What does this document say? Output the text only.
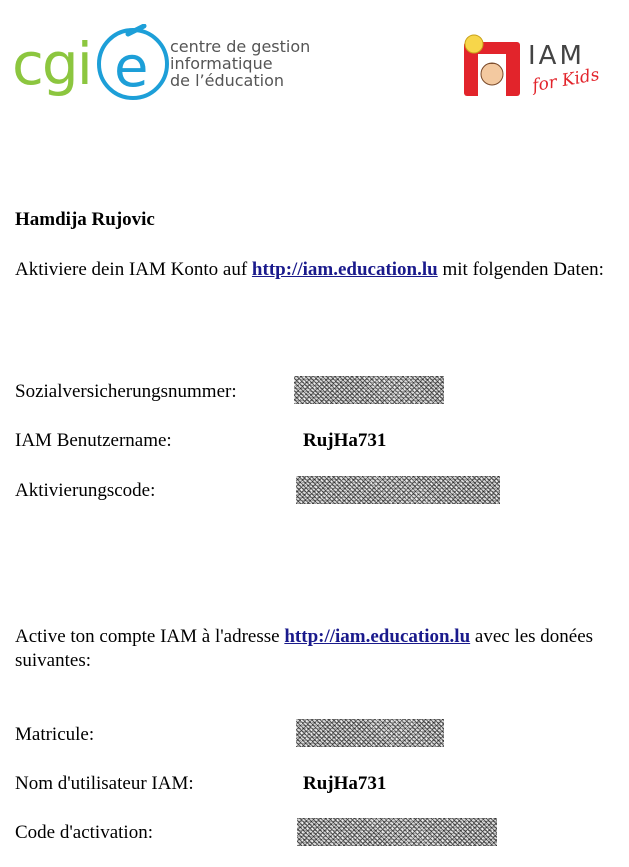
cgi e centre de gestion
informatique
de l’éducation
IAM
for Kids
Hamdija Rujovic
Aktiviere dein IAM Konto auf http://iam.education.lu mit folgenden Daten:
Sozialversicherungsnummer:
IAM Benutzername:	RujHa731
Aktivierungscode:
Active ton compte IAM à l'adresse http://iam.education.lu avec les donées suivantes:
Matricule:
Nom d'utilisateur IAM:	RujHa731
Code d'activation:
